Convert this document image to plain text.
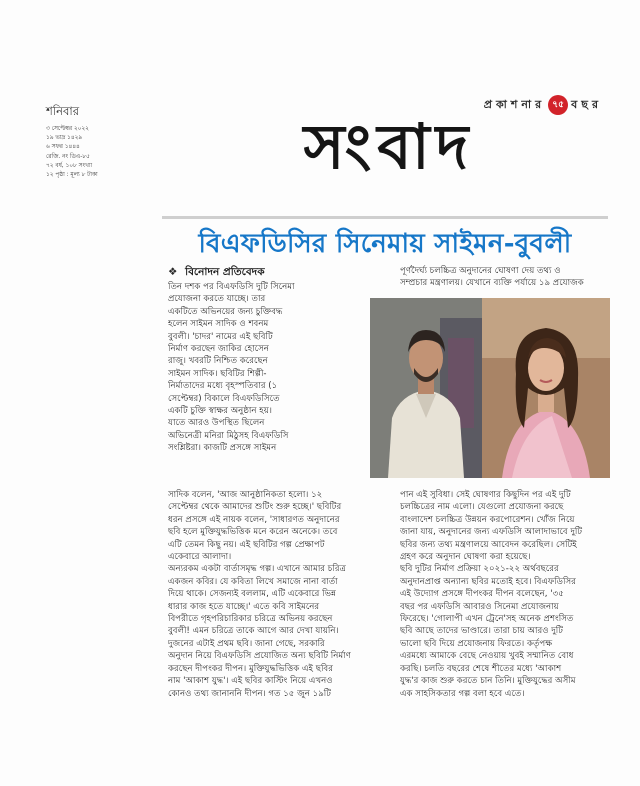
শনিবার
৩ সেপ্টেম্বর ২০২২
১৯ ভাদ্র ১৪২৯
৬ সফর ১৪৪৪
রেজি. নং ডিএ-৮৫
৭২ বর্ষ, ১০৮ সংখ্যা
১২ পৃষ্ঠা : মূল্য ৮ টাকা
প্রকাশনার ৭৫ বছর
সংবাদ
বিএফডিসির সিনেমায় সাইমন-বুবলী
❖ বিনোদন প্রতিবেদক
তিন দশক পর বিএফডিসি দুটি সিনেমা
প্রযোজনা করতে যাচ্ছে। তার
একটিতে অভিনয়ের জন্য চুক্তিবদ্ধ
হলেন সাইমন সাদিক ও শবনম
বুবলী। 'চাদর' নামের এই ছবিটি
নির্মাণ করছেন জাকির হোসেন
রাজু। খবরটি নিশ্চিত করেছেন
সাইমন সাদিক। ছবিটির শিল্পী-
নির্মাতাদের মধ্যে বৃহস্পতিবার (১
সেপ্টেম্বর) বিকালে বিএফডিসিতে
একটি চুক্তি স্বাক্ষর অনুষ্ঠান হয়।
যাতে আরও উপস্থিত ছিলেন
অভিনেত্রী মনিরা মিঠুসহ বিএফডিসি
সংশ্লিষ্টরা। কাজটি প্রসঙ্গে সাইমন
পূর্ণদৈর্ঘ্য চলচ্চিত্র অনুদানের ঘোষণা দেয় তথ্য ও
সম্প্রচার মন্ত্রণালয়। যেখানে ব্যক্তি পর্যায়ে ১৯ প্রযোজক
সাদিক বলেন, 'আজ আনুষ্ঠানিকতা হলো। ১২
সেপ্টেম্বর থেকে আমাদের শুটিং শুরু হচ্ছে।' ছবিটির
ধরন প্রসঙ্গে এই নায়ক বলেন, 'সাধারণত অনুদানের
ছবি হলে মুক্তিযুদ্ধভিত্তিক মনে করেন অনেকে। তবে
এটি তেমন কিছু নয়। এই ছবিটির গল্প প্রেক্ষাপট
একেবারে আলাদা।
অন্যরকম একটা বার্তাসমৃদ্ধ গল্প। এখানে আমার চরিত্র
একজন কবির। যে কবিতা লিখে সমাজে নানা বার্তা
দিয়ে থাকে। সেজন্যই বললাম, এটি একেবারে ভিন্ন
ধারার কাজ হতে যাচ্ছে।' এতে কবি সাইমনের
বিপরীতে গৃহপরিচারিকার চরিত্রে অভিনয় করছেন
বুবলী! এমন চরিত্রে তাকে আগে আর দেখা যায়নি।
দুজনের এটাই প্রথম ছবি। জানা গেছে, সরকারি
অনুদান নিয়ে বিএফডিসি প্রযোজিত অন্য ছবিটি নির্মাণ
করছেন দীপংকর দীপন। মুক্তিযুদ্ধভিত্তিক এই ছবির
নাম 'আকাশ যুদ্ধ'। এই ছবির কাস্টিং নিয়ে এখনও
কোনও তথ্য জানাননি দীপন। গত ১৫ জুন ১৯টি
পান এই সুবিধা। সেই ঘোষণার কিছুদিন পর এই দুটি
চলচ্চিত্রের নাম এলো। যেগুলো প্রযোজনা করছে
বাংলাদেশ চলচ্চিত্র উন্নয়ন করপোরেশন। খোঁজ নিয়ে
জানা যায়, অনুদানের জন্য এফডিসি আলাদাভাবে দুটি
ছবির জন্য তথ্য মন্ত্রণালয়ে আবেদন করেছিল। সেটিই
গ্রহণ করে অনুদান ঘোষণা করা হয়েছে।
ছবি দুটির নির্মাণ প্রক্রিয়া ২০২১-২২ অর্থবছরের
অনুদানপ্রাপ্ত অন্যান্য ছবির মতোই হবে। বিএফডিসির
এই উদ্যোগ প্রসঙ্গে দীপংকর দীপন বলেছেন, '৩৫
বছর পর এফডিসি আবারও সিনেমা প্রযোজনায়
ফিরেছে। 'গোলাপী এখন ট্রেনে'সহ অনেক প্রশংসিত
ছবি আছে তাদের ভাণ্ডারে। তারা চায় আরও দুটি
ভালো ছবি দিয়ে প্রযোজনায় ফিরতে। কর্তৃপক্ষ
এরমধ্যে আমাকে বেছে নেওয়ায় খুবই সম্মানিত বোধ
করছি। চলতি বছরের শেষে শীতের মধ্যে 'আকাশ
যুদ্ধ'র কাজ শুরু করতে চান তিনি। মুক্তিযুদ্ধের অসীম
এক সাহসিকতার গল্প বলা হবে এতে।
